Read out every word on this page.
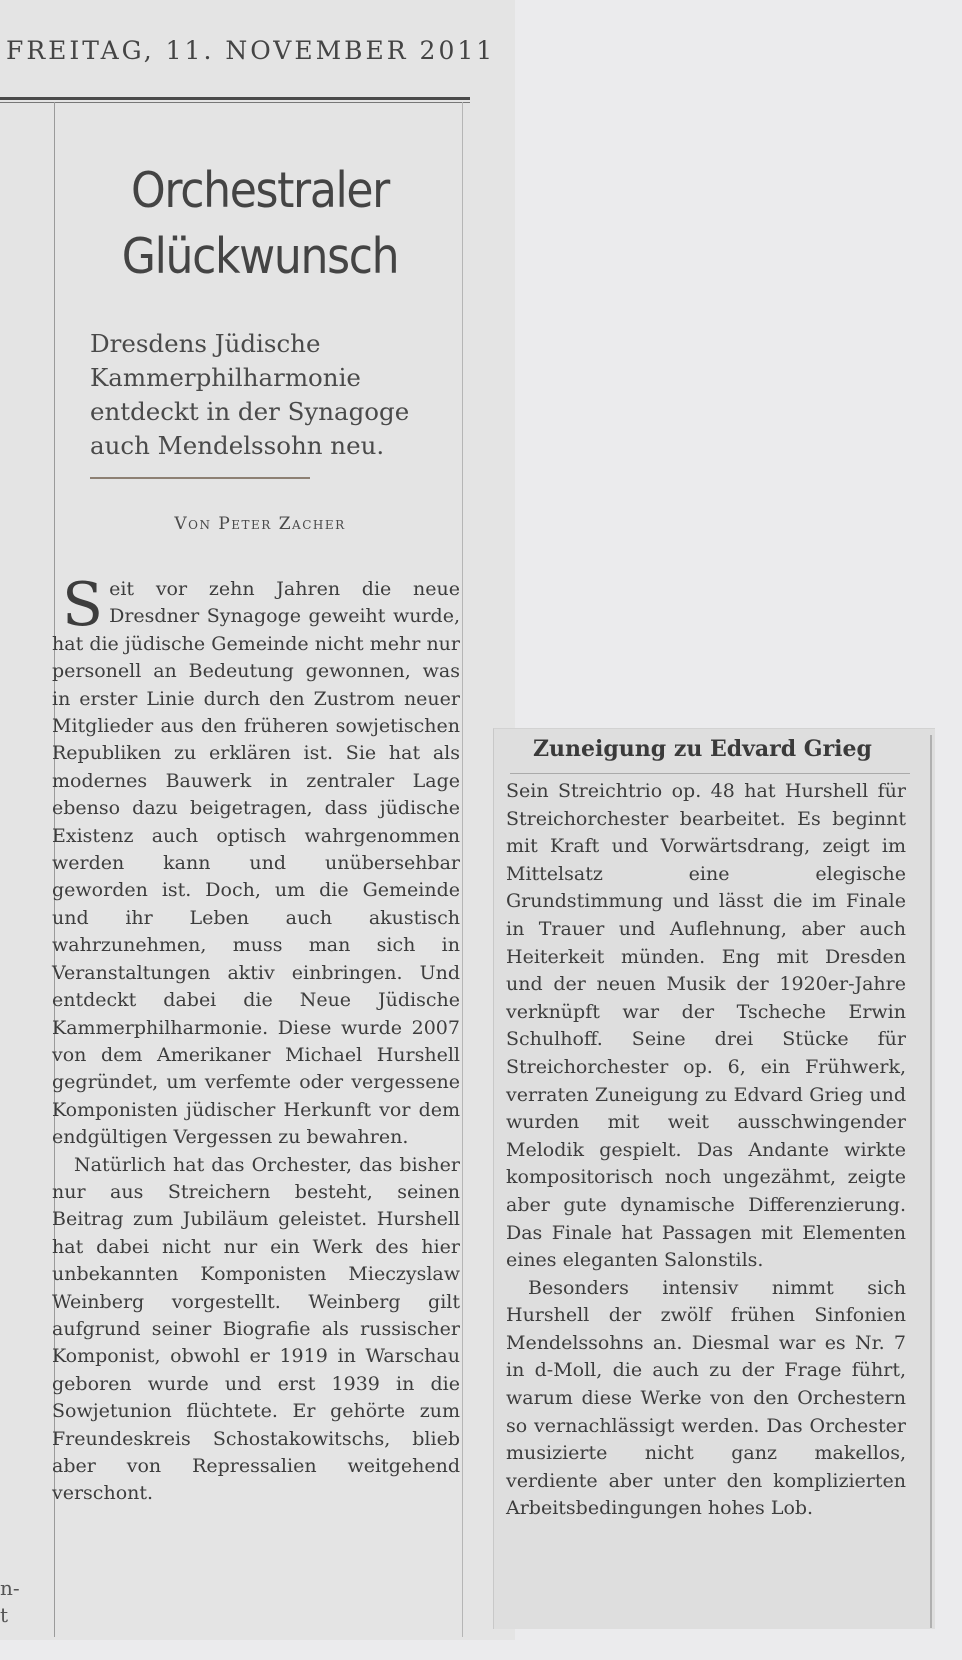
FREITAG, 11. NOVEMBER 2011
n-
t
Orchestraler Glückwunsch
Dresdens Jüdische Kammerphilharmonie entdeckt in der Synagoge auch Mendelssohn neu.
Von Peter Zacher

Seit vor zehn Jahren die neue Dresdner Synagoge geweiht wurde, hat die jüdische Gemeinde nicht mehr nur personell an Bedeutung gewonnen, was in erster Linie durch den Zustrom neuer Mitglieder aus den früheren sowjetischen Republiken zu erklären ist. Sie hat als modernes Bauwerk in zentraler Lage ebenso dazu beigetragen, dass jüdische Existenz auch optisch wahrgenommen werden kann und unübersehbar geworden ist. Doch, um die Gemeinde und ihr Leben auch akustisch wahrzunehmen, muss man sich in Veranstaltungen aktiv einbringen. Und entdeckt dabei die Neue Jüdische Kammerphilharmonie. Diese wurde 2007 von dem Amerikaner Michael Hurshell gegründet, um verfemte oder vergessene Komponisten jüdischer Herkunft vor dem endgültigen Vergessen zu bewahren.

Natürlich hat das Orchester, das bisher nur aus Streichern besteht, seinen Beitrag zum Jubiläum geleistet. Hurshell hat dabei nicht nur ein Werk des hier unbekannten Komponisten Mieczyslaw Weinberg vorgestellt. Weinberg gilt aufgrund seiner Biografie als russischer Komponist, obwohl er 1919 in Warschau geboren wurde und erst 1939 in die Sowjetunion flüchtete. Er gehörte zum Freundeskreis Schostakowitschs, blieb aber von Repressalien weitgehend verschont.

Zuneigung zu Edvard Grieg

Sein Streichtrio op. 48 hat Hurshell für Streichorchester bearbeitet. Es beginnt mit Kraft und Vorwärtsdrang, zeigt im Mittelsatz eine elegische Grundstimmung und lässt die im Finale in Trauer und Auflehnung, aber auch Heiterkeit münden. Eng mit Dresden und der neuen Musik der 1920er-Jahre verknüpft war der Tscheche Erwin Schulhoff. Seine drei Stücke für Streichorchester op. 6, ein Frühwerk, verraten Zuneigung zu Edvard Grieg und wurden mit weit ausschwingender Melodik gespielt. Das Andante wirkte kompositorisch noch ungezähmt, zeigte aber gute dynamische Differenzierung. Das Finale hat Passagen mit Elementen eines eleganten Salonstils.

Besonders intensiv nimmt sich Hurshell der zwölf frühen Sinfonien Mendelssohns an. Diesmal war es Nr. 7 in d-Moll, die auch zu der Frage führt, warum diese Werke von den Orchestern so vernachlässigt werden. Das Orchester musizierte nicht ganz makellos, verdiente aber unter den komplizierten Arbeitsbedingungen hohes Lob.
